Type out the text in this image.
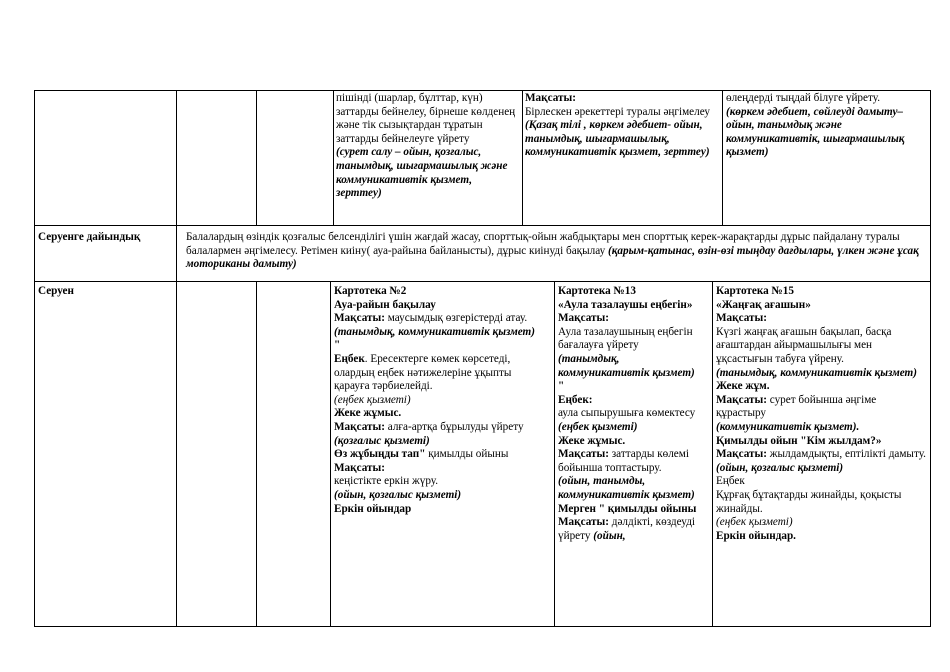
пішінді (шарлар, бұлттар, күн) заттарды бейнелеу, бірнеше көлденең және тік сызықтардан тұратын заттарды бейнелеуге үйрету

(сурет салу – ойын, қозғалыс, танымдық, шығармашылық және коммуникативтік қызмет, зерттеу)

Мақсаты:

Бірлескен әрекеттері туралы әңгімелеу

(Қазақ тілі , көркем әдебиет- ойын, танымдық, шығармашылық, коммуникативтік қызмет, зерттеу)

өлеңдерді тыңдай білуге үйрету.

(көркем әдебиет, сөйлеуді дамыту– ойын, танымдық және коммуникативтік, шығармашылық қызмет)

Серуенге дайындық	Балалардың өзіндік қозғалыс белсенділігі үшін жағдай жасау, спорттық-ойын жабдықтары мен спорттық керек-жарақтарды дұрыс пайдалану туралы балалармен әңгімелесу. Ретімен киіну( ауа-райына байланысты), дұрыс киінуді бақылау (қарым-қатынас, өзін-өзі тыңдау дағдылары, үлкен және ұсақ моториканы дамыту)

Серуен	Картотека №2

Ауа-райын бақылау

Мақсаты: маусымдық өзгерістерді атау.

(танымдық, коммуникативтік қызмет)

"

Еңбек. Ересектерге көмек көрсетеді, олардың еңбек нәтижелеріне ұқыпты қарауға тәрбиелейді.

(еңбек қызметі)

Жеке жұмыс.

Мақсаты: алға-артқа бұрылуды үйрету

(қозғалыс қызметі)

Өз жұбыңды тап" қимылды ойыны

Мақсаты:

кеңістікте еркін жүру.

(ойын, қозғалыс қызметі)

Еркін ойындар

Картотека №13

«Аула тазалаушы еңбегін»

Мақсаты:

Аула тазалаушының еңбегін бағалауға үйрету

(танымдық, коммуникативтік қызмет)

"

Еңбек:

аула сыпырушыға көмектесу

(еңбек қызметі)

Жеке жұмыс.

Мақсаты: заттарды көлемі бойынша топтастыру.

(ойын, танымды, коммуникативтік қызмет)

Мерген " қимылды ойыны

Мақсаты: дәлдікті, көздеуді үйрету (ойын,

Картотека №15

«Жаңғақ ағашын»

Мақсаты:

Күзгі жаңғақ ағашын бақылап, басқа ағаштардан айырмашылығы мен ұқсастығын табуға үйрену.

(танымдық, коммуникативтік қызмет)

Жеке жұм.

Мақсаты: сурет бойынша әңгіме құрастыру

(коммуникативтік қызмет).

Қимылды ойын "Кім жылдам?»

Мақсаты: жылдамдықты, ептілікті дамыту.

(ойын, қозғалыс қызметі)

Еңбек

Құрғақ бұтақтарды жинайды, қоқысты жинайды.

(еңбек қызметі)

Еркін ойындар.
